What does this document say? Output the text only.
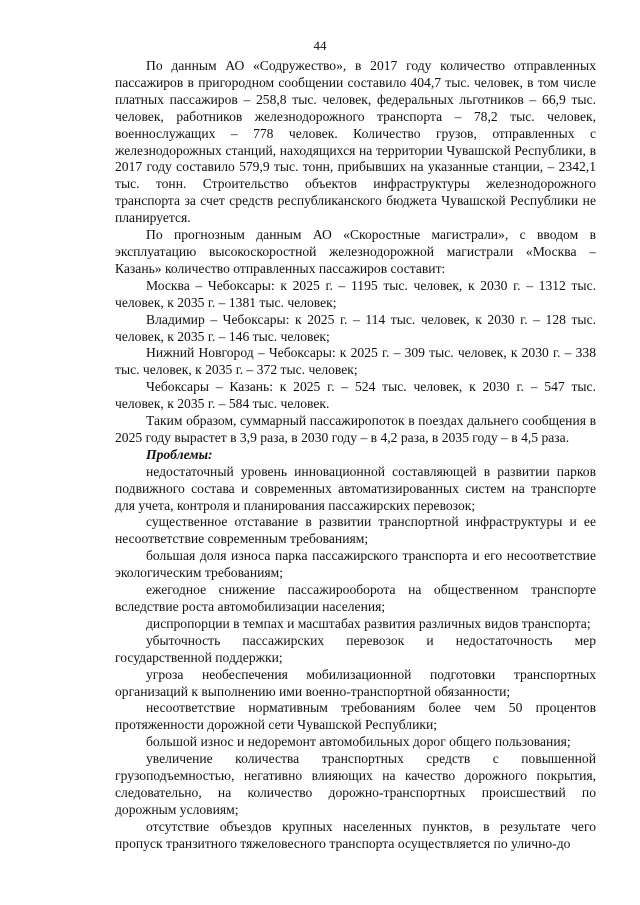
44

По данным АО «Содружество», в 2017 году количество отправленных пассажиров в пригородном сообщении составило 404,7 тыс. человек, в том числе платных пассажиров – 258,8 тыс. человек, федеральных льготников – 66,9 тыс. человек, работников железнодорожного транспорта – 78,2 тыс. человек, военнослужащих – 778 человек. Количество грузов, отправленных с железнодорожных станций, находящихся на территории Чувашской Республики, в 2017 году составило 579,9 тыс. тонн, прибывших на указанные станции, – 2342,1 тыс. тонн. Строительство объектов инфраструктуры железнодорожного транспорта за счет средств республиканского бюджета Чувашской Республики не планируется.

По прогнозным данным АО «Скоростные магистрали», с вводом в эксплуатацию высокоскоростной железнодорожной магистрали «Москва – Казань» количество отправленных пассажиров составит:

Москва – Чебоксары: к 2025 г. – 1195 тыс. человек, к 2030 г. – 1312 тыс. человек, к 2035 г. – 1381 тыс. человек;

Владимир – Чебоксары: к 2025 г. – 114 тыс. человек, к 2030 г. – 128 тыс. человек, к 2035 г. – 146 тыс. человек;

Нижний Новгород – Чебоксары: к 2025 г. – 309 тыс. человек, к 2030 г. – 338 тыс. человек, к 2035 г. – 372 тыс. человек;

Чебоксары – Казань: к 2025 г. – 524 тыс. человек, к 2030 г. – 547 тыс. человек, к 2035 г. – 584 тыс. человек.

Таким образом, суммарный пассажиропоток в поездах дальнего сообщения в 2025 году вырастет в 3,9 раза, в 2030 году – в 4,2 раза, в 2035 году – в 4,5 раза.

Проблемы:

недостаточный уровень инновационной составляющей в развитии парков подвижного состава и современных автоматизированных систем на транспорте для учета, контроля и планирования пассажирских перевозок;

существенное отставание в развитии транспортной инфраструктуры и ее несоответствие современным требованиям;

большая доля износа парка пассажирского транспорта и его несоответствие экологическим требованиям;

ежегодное снижение пассажирооборота на общественном транспорте вследствие роста автомобилизации населения;

диспропорции в темпах и масштабах развития различных видов транспорта;

убыточность пассажирских перевозок и недостаточность мер государственной поддержки;

угроза необеспечения мобилизационной подготовки транспортных организаций к выполнению ими военно-транспортной обязанности;

несоответствие нормативным требованиям более чем 50 процентов протяженности дорожной сети Чувашской Республики;

большой износ и недоремонт автомобильных дорог общего пользования;

увеличение количества транспортных средств с повышенной грузоподъемностью, негативно влияющих на качество дорожного покрытия, следовательно, на количество дорожно-транспортных происшествий по дорожным условиям;

отсутствие объездов крупных населенных пунктов, в результате чего пропуск транзитного тяжеловесного транспорта осуществляется по улично-до
